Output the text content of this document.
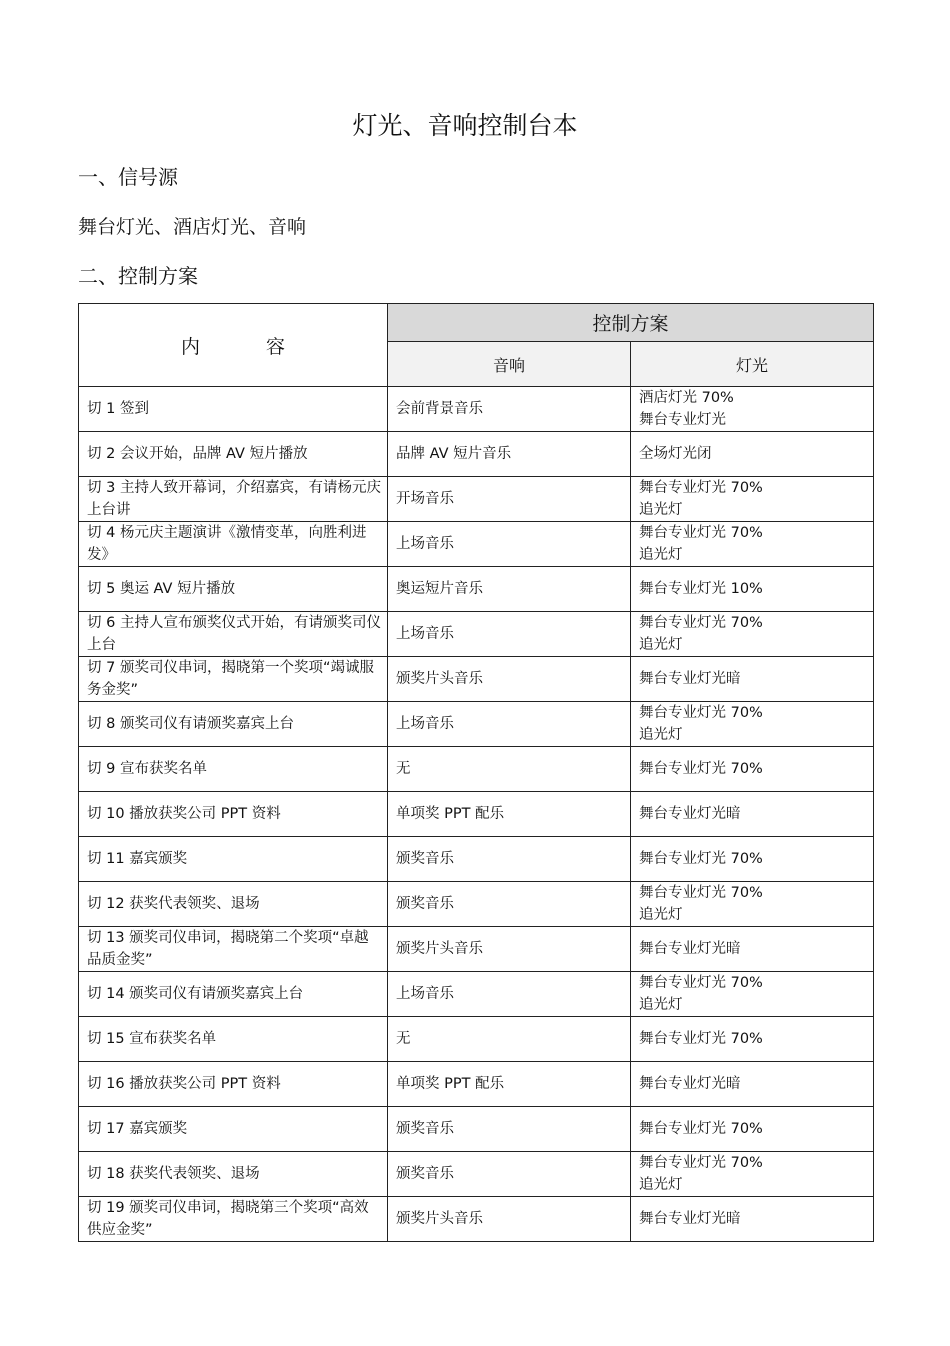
灯光、音响控制台本
一、信号源
舞台灯光、酒店灯光、音响
二、控制方案
内 容	控制方案	
	音响	灯光
切 1 签到	会前背景音乐	酒店灯光 70%
舞台专业灯光
切 2 会议开始，品牌 AV 短片播放	品牌 AV 短片音乐	全场灯光闭
切 3 主持人致开幕词，介绍嘉宾，有请杨元庆上台讲	开场音乐	舞台专业灯光 70%
追光灯
切 4 杨元庆主题演讲《激情变革，向胜利进发》	上场音乐	舞台专业灯光 70%
追光灯
切 5 奥运 AV 短片播放	奥运短片音乐	舞台专业灯光 10%
切 6 主持人宣布颁奖仪式开始，有请颁奖司仪上台	上场音乐	舞台专业灯光 70%
追光灯
切 7 颁奖司仪串词，揭晓第一个奖项“竭诚服务金奖”	颁奖片头音乐	舞台专业灯光暗
切 8 颁奖司仪有请颁奖嘉宾上台	上场音乐	舞台专业灯光 70%
追光灯
切 9 宣布获奖名单	无	舞台专业灯光 70%
切 10 播放获奖公司 PPT 资料	单项奖 PPT 配乐	舞台专业灯光暗
切 11 嘉宾颁奖	颁奖音乐	舞台专业灯光 70%
切 12 获奖代表领奖、退场	颁奖音乐	舞台专业灯光 70%
追光灯
切 13 颁奖司仪串词，揭晓第二个奖项“卓越品质金奖”	颁奖片头音乐	舞台专业灯光暗
切 14 颁奖司仪有请颁奖嘉宾上台	上场音乐	舞台专业灯光 70%
追光灯
切 15 宣布获奖名单	无	舞台专业灯光 70%
切 16 播放获奖公司 PPT 资料	单项奖 PPT 配乐	舞台专业灯光暗
切 17 嘉宾颁奖	颁奖音乐	舞台专业灯光 70%
切 18 获奖代表领奖、退场	颁奖音乐	舞台专业灯光 70%
追光灯
切 19 颁奖司仪串词，揭晓第三个奖项“高效供应金奖”	颁奖片头音乐	舞台专业灯光暗
